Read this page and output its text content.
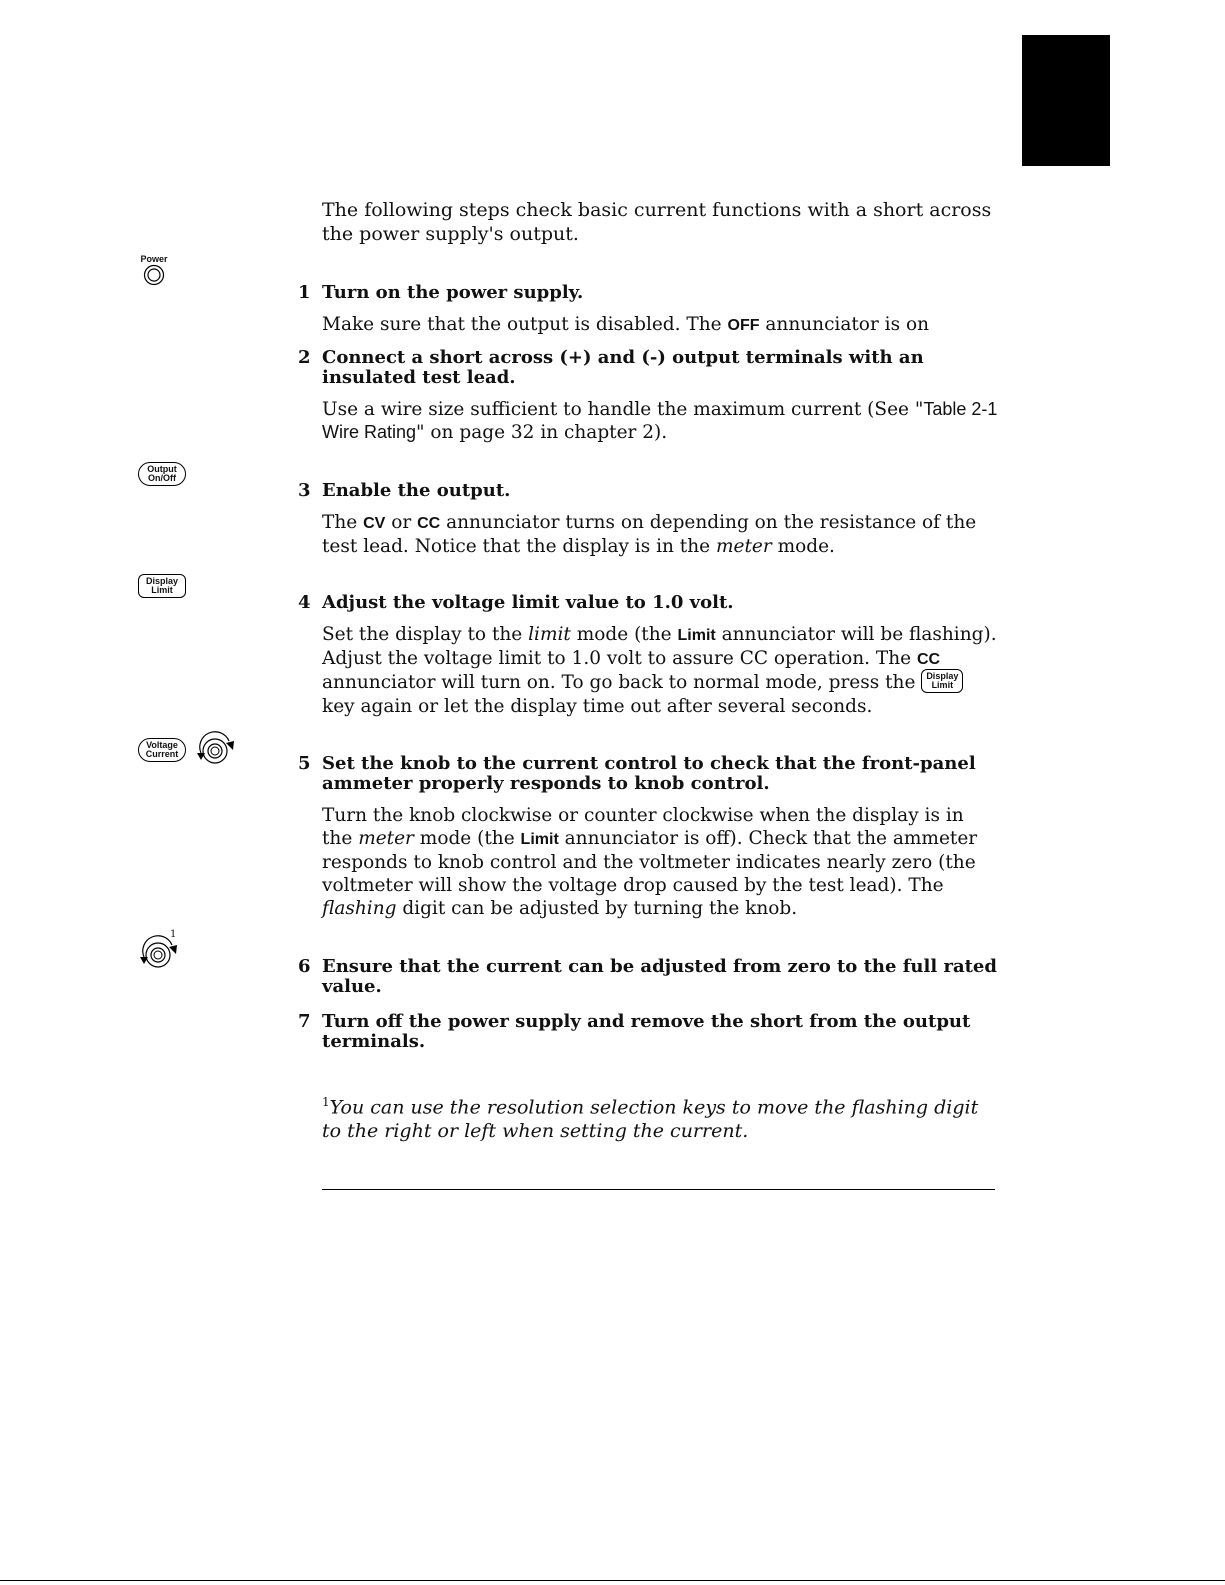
Power
Output
On/Off
Display
Limit
Voltage
Current
1
The following steps check basic current functions with a short across the power supply's output.
1 Turn on the power supply.
Make sure that the output is disabled. The OFF annunciator is on
2 Connect a short across (+) and (-) output terminals with an insulated test lead.
Use a wire size sufficient to handle the maximum current (See "Table 2-1 Wire Rating" on page 32 in chapter 2).
3 Enable the output.
The CV or CC annunciator turns on depending on the resistance of the test lead. Notice that the display is in the meter mode.
4 Adjust the voltage limit value to 1.0 volt.
Set the display to the limit mode (the Limit annunciator will be flashing). Adjust the voltage limit to 1.0 volt to assure CC operation. The CC annunciator will turn on. To go back to normal mode, press the Display
Limit
key again or let the display time out after several seconds.
5 Set the knob to the current control to check that the front-panel ammeter properly responds to knob control.
Turn the knob clockwise or counter clockwise when the display is in the meter mode (the Limit annunciator is off). Check that the ammeter responds to knob control and the voltmeter indicates nearly zero (the voltmeter will show the voltage drop caused by the test lead). The flashing digit can be adjusted by turning the knob.
6 Ensure that the current can be adjusted from zero to the full rated value.
7 Turn off the power supply and remove the short from the output terminals.
$^1$You can use the resolution selection keys to move the flashing digit to the right or left when setting the current.
